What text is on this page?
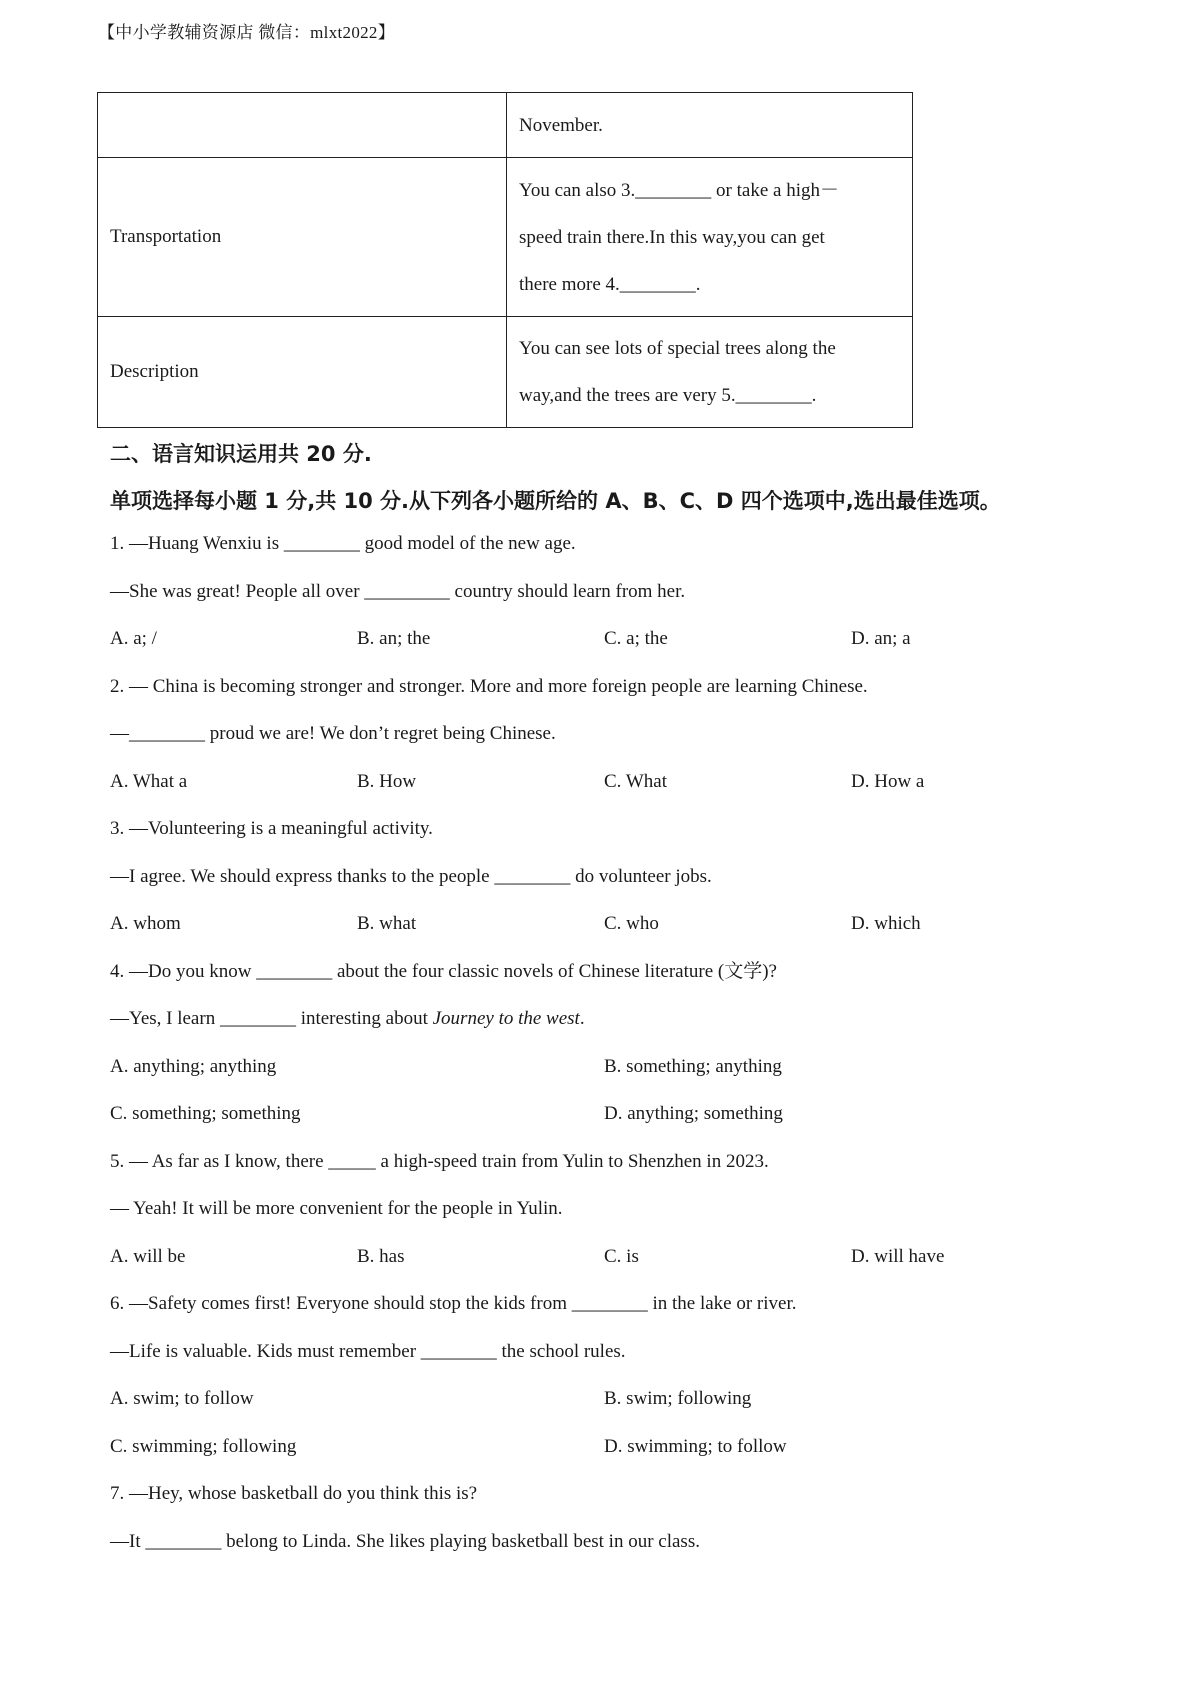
【中小学教辅资源店 微信：mlxt2022】

	November.

Transportation	You can also 3.________ or take a high－
speed train there.In this way,you can get
there more 4.________.

Description	You can see lots of special trees along the
way,and the trees are very 5.________.
二、语言知识运用共 20 分.
单项选择每小题 1 分,共 10 分.从下列各小题所给的 A、B、C、D 四个选项中,选出最佳选项。
1. —Huang Wenxiu is ________ good model of the new age.
—She was great! People all over _________ country should learn from her.
A. a; /	B. an; the	C. a; the	D. an; a
2. — China is becoming stronger and stronger. More and more foreign people are learning Chinese.
—________ proud we are! We don’t regret being Chinese.
A. What a	B. How	C. What	D. How a
3. —Volunteering is a meaningful activity.
—I agree. We should express thanks to the people ________ do volunteer jobs.
A. whom	B. what	C. who	D. which
4. —Do you know ________ about the four classic novels of Chinese literature (文学)?
—Yes, I learn ________ interesting about Journey to the west.
A. anything; anything	B. something; anything
C. something; something	D. anything; something
5. — As far as I know, there _____ a high-speed train from Yulin to Shenzhen in 2023.
— Yeah! It will be more convenient for the people in Yulin.
A. will be	B. has	C. is	D. will have
6. —Safety comes first! Everyone should stop the kids from ________ in the lake or river.
—Life is valuable. Kids must remember ________ the school rules.
A. swim; to follow	B. swim; following
C. swimming; following	D. swimming; to follow
7. —Hey, whose basketball do you think this is?
—It ________ belong to Linda. She likes playing basketball best in our class.
